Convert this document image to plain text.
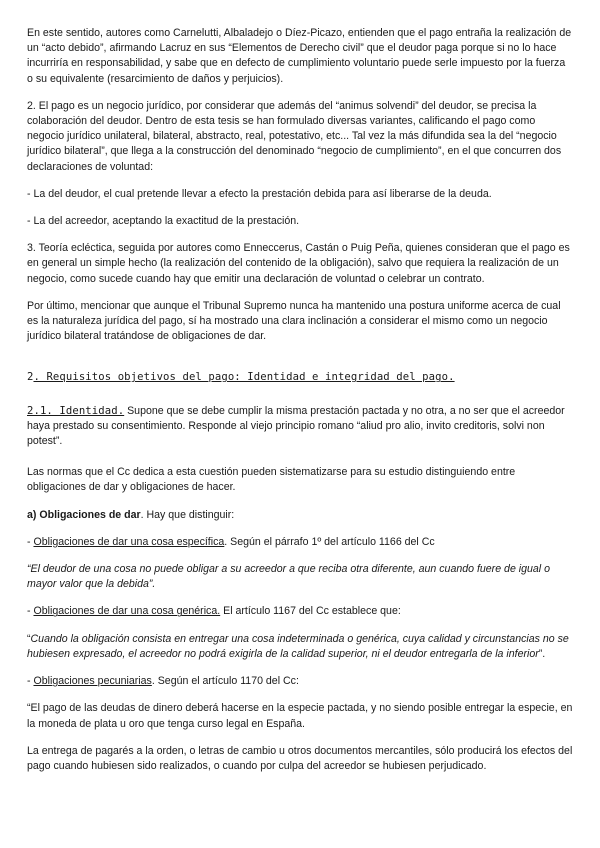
En este sentido, autores como Carnelutti, Albaladejo o Díez-Picazo, entienden que el pago entraña la realización de un “acto debido”, afirmando Lacruz en sus “Elementos de Derecho civil” que el deudor paga porque si no lo hace incurriría en responsabilidad, y sabe que en defecto de cumplimiento voluntario puede serle impuesto por la fuerza o su equivalente (resarcimiento de daños y perjuicios).

2. El pago es un negocio jurídico, por considerar que además del “animus solvendi” del deudor, se precisa la colaboración del deudor. Dentro de esta tesis se han formulado diversas variantes, calificando el pago como negocio jurídico unilateral, bilateral, abstracto, real, potestativo, etc... Tal vez la más difundida sea la del “negocio jurídico bilateral”, que llega a la construcción del denominado “negocio de cumplimiento”, en el que concurren dos declaraciones de voluntad:

- La del deudor, el cual pretende llevar a efecto la prestación debida para así liberarse de la deuda.

- La del acreedor, aceptando la exactitud de la prestación.

3. Teoría ecléctica, seguida por autores como Enneccerus, Castán o Puig Peña, quienes consideran que el pago es en general un simple hecho (la realización del contenido de la obligación), salvo que requiera la realización de un negocio, como sucede cuando hay que emitir una declaración de voluntad o celebrar un contrato.

Por último, mencionar que aunque el Tribunal Supremo nunca ha mantenido una postura uniforme acerca de cual es la naturaleza jurídica del pago, sí ha mostrado una clara inclinación a considerar el mismo como un negocio jurídico bilateral tratándose de obligaciones de dar.

2. Requisitos objetivos del pago: Identidad e integridad del pago.

2.1. Identidad. Supone que se debe cumplir la misma prestación pactada y no otra, a no ser que el acreedor haya prestado su consentimiento. Responde al viejo principio romano “aliud pro alio, invito creditoris, solvi non potest”.

Las normas que el Cc dedica a esta cuestión pueden sistematizarse para su estudio distinguiendo entre obligaciones de dar y obligaciones de hacer.

a) Obligaciones de dar. Hay que distinguir:

- Obligaciones de dar una cosa específica. Según el párrafo 1º del artículo 1166 del Cc

“El deudor de una cosa no puede obligar a su acreedor a que reciba otra diferente, aun cuando fuere de igual o mayor valor que la debida”.

- Obligaciones de dar una cosa genérica. El artículo 1167 del Cc establece que:

“Cuando la obligación consista en entregar una cosa indeterminada o genérica, cuya calidad y circunstancias no se hubiesen expresado, el acreedor no podrá exigirla de la calidad superior, ni el deudor entregarla de la inferior”.

- Obligaciones pecuniarias. Según el artículo 1170 del Cc:

“El pago de las deudas de dinero deberá hacerse en la especie pactada, y no siendo posible entregar la especie, en la moneda de plata u oro que tenga curso legal en España.

La entrega de pagarés a la orden, o letras de cambio u otros documentos mercantiles, sólo producirá los efectos del pago cuando hubiesen sido realizados, o cuando por culpa del acreedor se hubiesen perjudicado.
